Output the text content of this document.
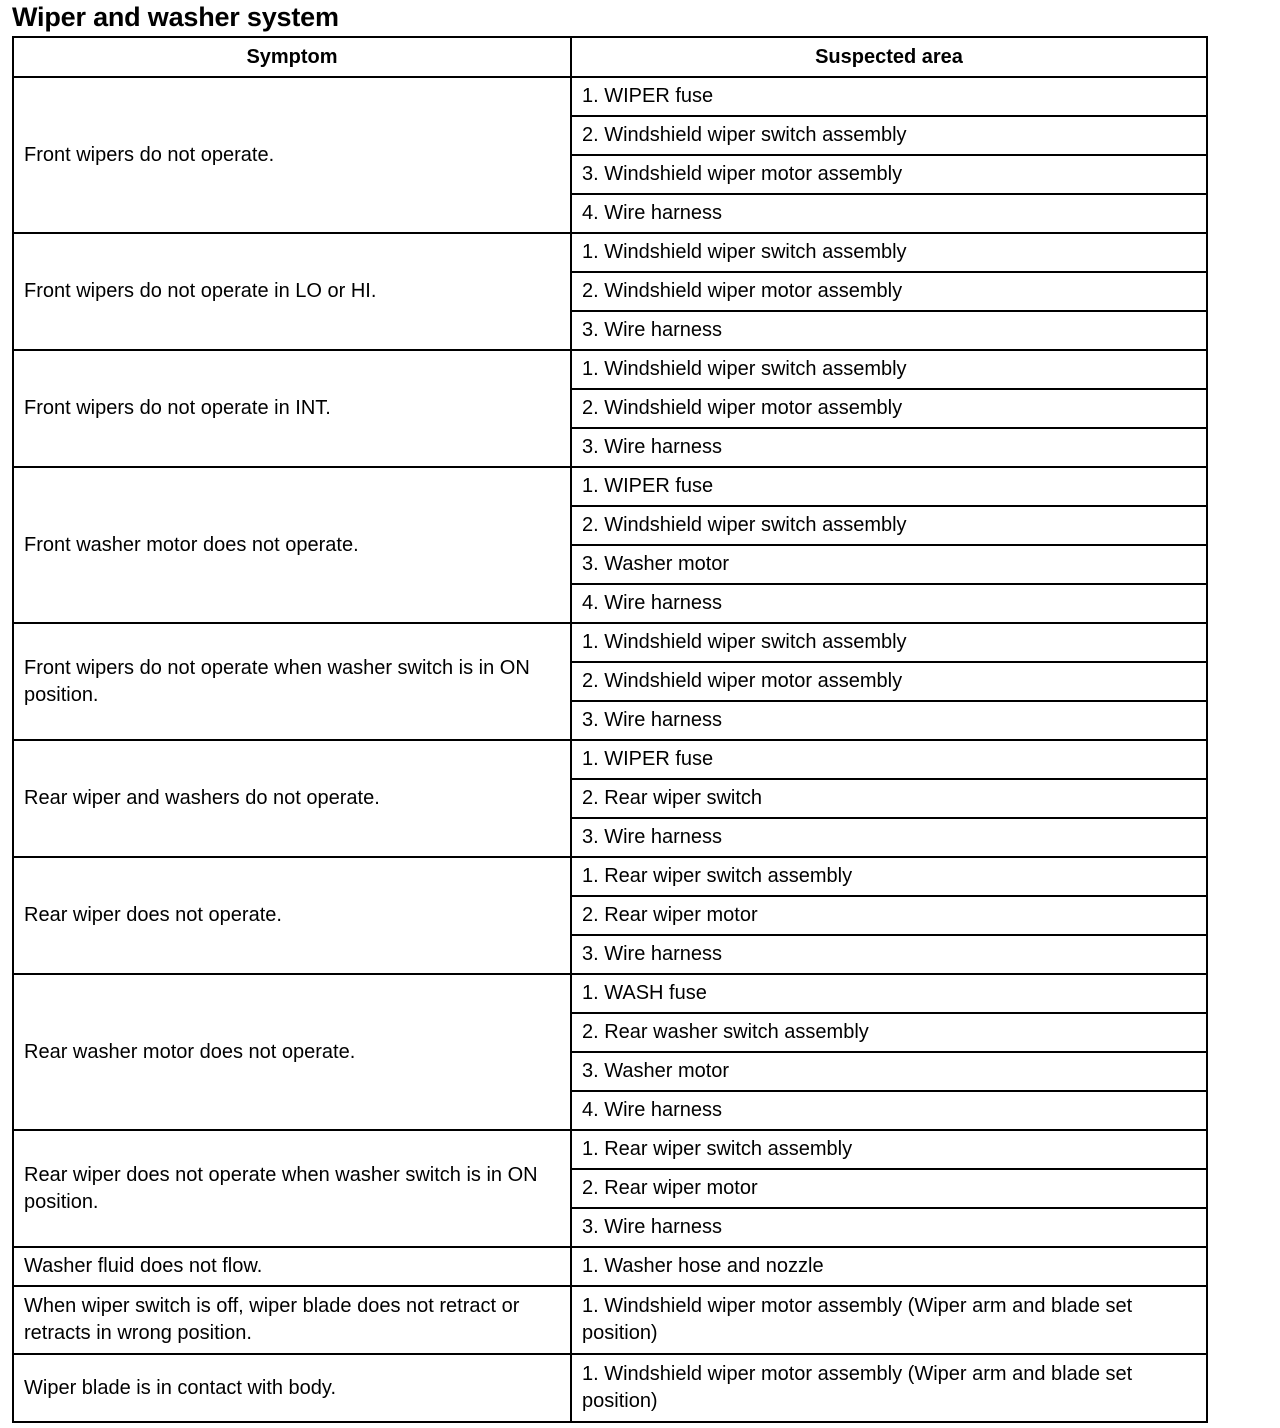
Wiper and washer system
Symptom	Suspected area
Front wipers do not operate.	1. WIPER fuse
	2. Windshield wiper switch assembly
	3. Windshield wiper motor assembly
	4. Wire harness
Front wipers do not operate in LO or HI.	1. Windshield wiper switch assembly
	2. Windshield wiper motor assembly
	3. Wire harness
Front wipers do not operate in INT.	1. Windshield wiper switch assembly
	2. Windshield wiper motor assembly
	3. Wire harness
Front washer motor does not operate.	1. WIPER fuse
	2. Windshield wiper switch assembly
	3. Washer motor
	4. Wire harness
Front wipers do not operate when washer switch is in ON position.	1. Windshield wiper switch assembly
	2. Windshield wiper motor assembly
	3. Wire harness
Rear wiper and washers do not operate.	1. WIPER fuse
	2. Rear wiper switch
	3. Wire harness
Rear wiper does not operate.	1. Rear wiper switch assembly
	2. Rear wiper motor
	3. Wire harness
Rear washer motor does not operate.	1. WASH fuse
	2. Rear washer switch assembly
	3. Washer motor
	4. Wire harness
Rear wiper does not operate when washer switch is in ON position.	1. Rear wiper switch assembly
	2. Rear wiper motor
	3. Wire harness
Washer fluid does not flow.	1. Washer hose and nozzle
When wiper switch is off, wiper blade does not retract or retracts in wrong position.	1. Windshield wiper motor assembly (Wiper arm and blade set position)
Wiper blade is in contact with body.	1. Windshield wiper motor assembly (Wiper arm and blade set position)
